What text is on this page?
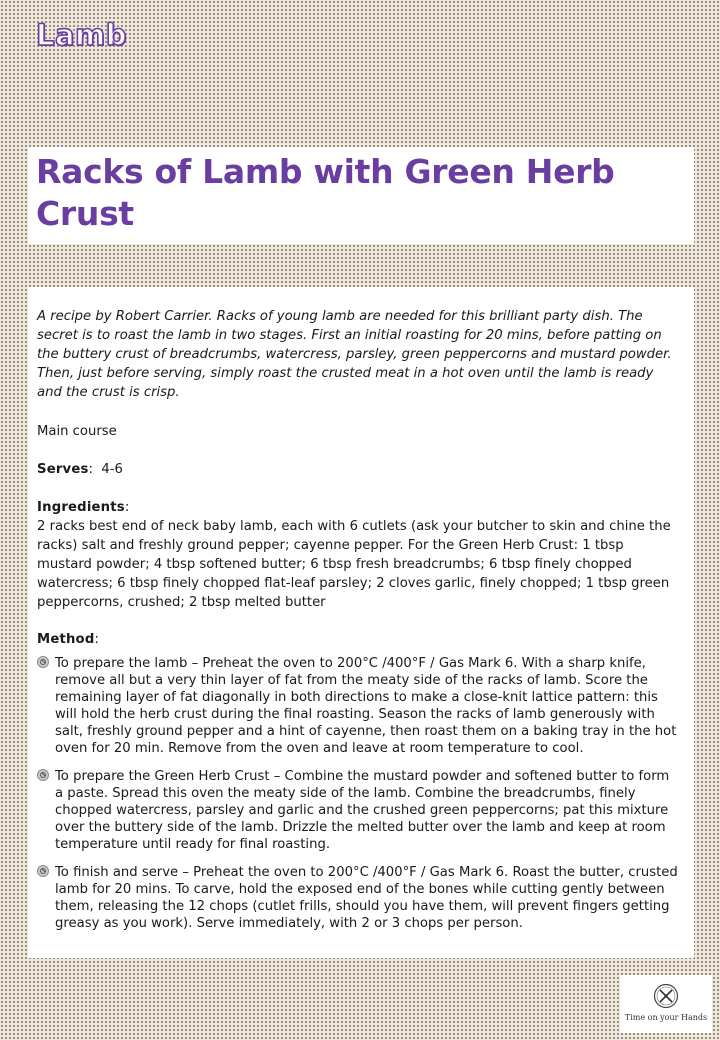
Lamb
Racks of Lamb with Green Herb Crust

A recipe by Robert Carrier. Racks of young lamb are needed for this brilliant party dish. The secret is to roast the lamb in two stages. First an initial roasting for 20 mins, before patting on the buttery crust of breadcrumbs, watercress, parsley, green peppercorns and mustard powder. Then, just before serving, simply roast the crusted meat in a hot oven until the lamb is ready and the crust is crisp.

Main course

Serves:  4-6

Ingredients:
2 racks best end of neck baby lamb, each with 6 cutlets (ask your butcher to skin and chine the racks) salt and freshly ground pepper; cayenne pepper. For the Green Herb Crust: 1 tbsp mustard powder; 4 tbsp softened butter; 6 tbsp fresh breadcrumbs; 6 tbsp finely chopped watercress; 6 tbsp finely chopped flat-leaf parsley; 2 cloves garlic, finely chopped; 1 tbsp green peppercorns, crushed; 2 tbsp melted butter
Method:
To prepare the lamb – Preheat the oven to 200°C /400°F / Gas Mark 6. With a sharp knife, remove all but a very thin layer of fat from the meaty side of the racks of lamb. Score the remaining layer of fat diagonally in both directions to make a close-knit lattice pattern: this will hold the herb crust during the final roasting. Season the racks of lamb generously with salt, freshly ground pepper and a hint of cayenne, then roast them on a baking tray in the hot oven for 20 min. Remove from the oven and leave at room temperature to cool.
To prepare the Green Herb Crust – Combine the mustard powder and softened butter to form a paste. Spread this oven the meaty side of the lamb. Combine the breadcrumbs, finely chopped watercress, parsley and garlic and the crushed green peppercorns; pat this mixture over the buttery side of the lamb. Drizzle the melted butter over the lamb and keep at room temperature until ready for final roasting.
To finish and serve – Preheat the oven to 200°C /400°F / Gas Mark 6. Roast the butter, crusted lamb for 20 mins. To carve, hold the exposed end of the bones while cutting gently between them, releasing the 12 chops (cutlet frills, should you have them, will prevent fingers getting greasy as you work). Serve immediately, with 2 or 3 chops per person.
Time on your Hands
